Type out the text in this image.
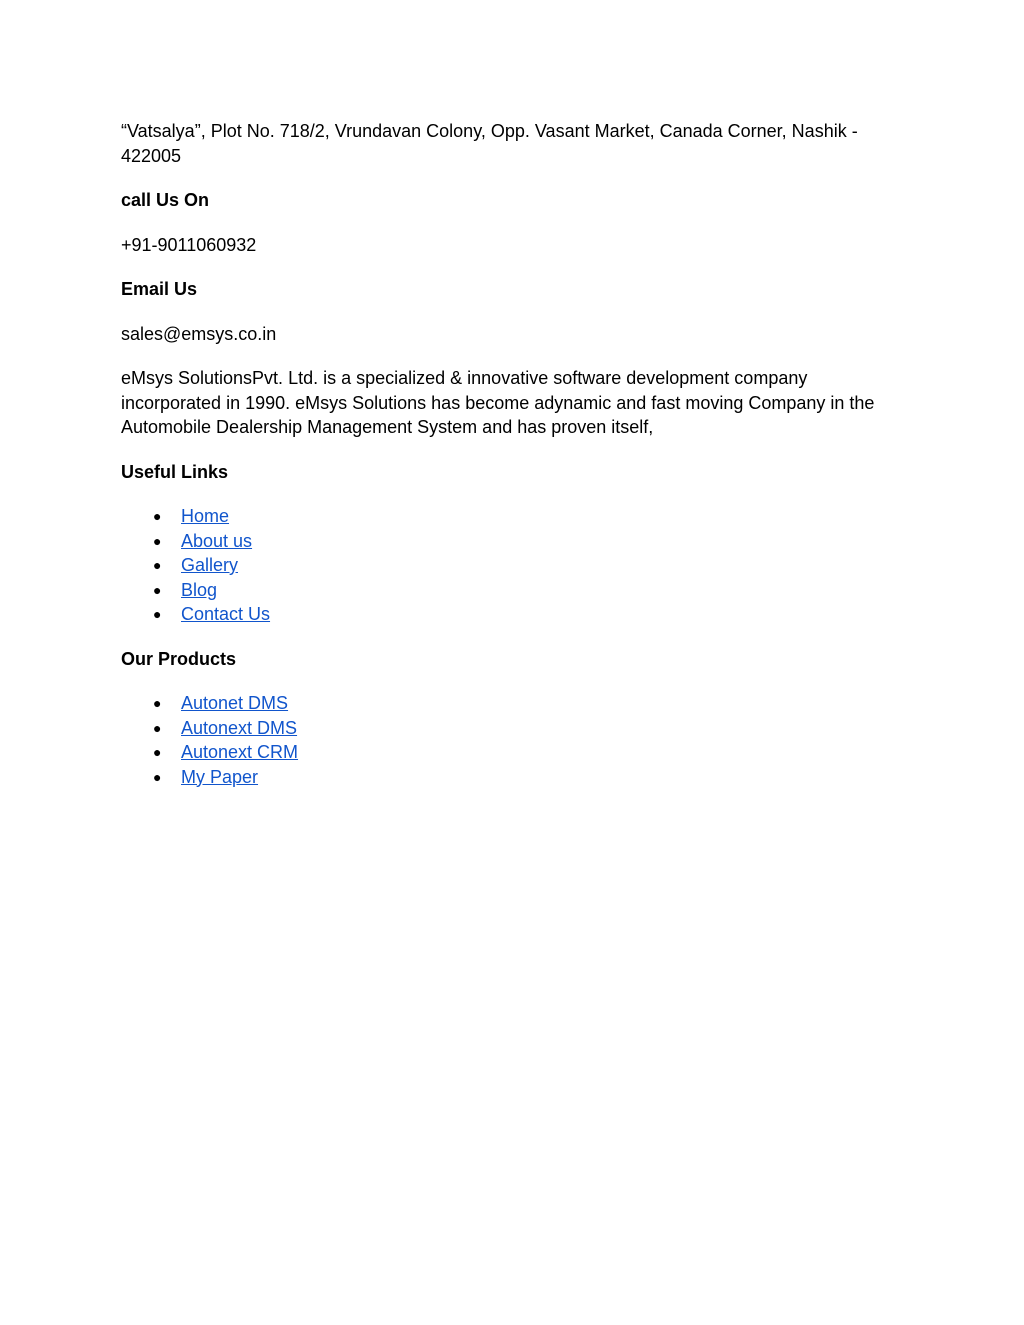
“Vatsalya”, Plot No. 718/2, Vrundavan Colony, Opp. Vasant Market, Canada Corner, Nashik - 422005

call Us On

+91-9011060932

Email Us

sales@emsys.co.in

eMsys SolutionsPvt. Ltd. is a specialized & innovative software development company incorporated in 1990. eMsys Solutions has become adynamic and fast moving Company in the Automobile Dealership Management System and has proven itself,

Useful Links

● Home
● About us
● Gallery
● Blog
● Contact Us

Our Products

● Autonet DMS
● Autonext DMS
● Autonext CRM
● My Paper
